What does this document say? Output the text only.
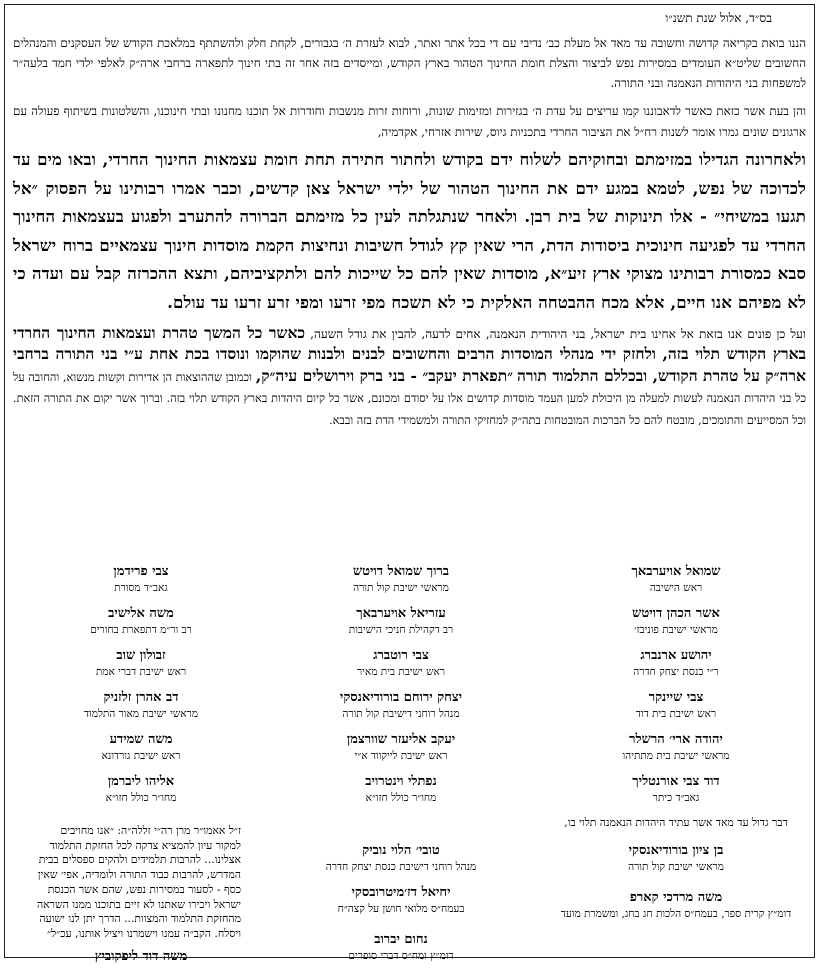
בס״ד, אלול שנת תשנ״ו

הננו בואת בקריאה קדושה וחשובה עד מאד אל מעלת כב׳ נדיבי עם די בכל אתר ואתר, לבוא לעזרת ה׳ בגבורים, לקחת חלק ולהשתתף במלאכת הקודש של העסקנים והמנהלים החשובים שליט״א העומדים במסירות נפש לביצור והצלת חומת החינוך הטהור בארץ הקודש, ומייסדים בזה אחר זה בתי חינוך לתפארה ברחבי ארה״ק לאלפי ילדי חמד בלעה״ר למשפחות בני היהודות הנאמנה ובני התורה.

והן בעת אשר כזאת כאשר לדאבוננו קמו עריצים על עדת ה׳ בגזירות ומזימות שונות, ורוחות זרות מנשבות וחודרות אל תוכנו מחנונו ובתי חינוכנו, והשלטונות בשיתוף פעולה עם ארגונים שונים גמרו אומר לשנות רח״ל את הציבור החרדי בתכניות גיוס, שירות אזרחי, אקדמיה,

ולאחרונה הגדילו במזימתם ובחוקיהם לשלוח ידם בקודש ולחתור חתירה תחת חומת עצמאות החינוך החרדי, ובאו מים עד לכדוכה של נפש, לטמא במגע ידם את החינוך הטהור של ילדי ישראל צאן קדשים, וכבר אמרו רבותינו על הפסוק ״אל תגעו במשיחי״ - אלו תינוקות של בית רבן. ולאחר שנתגלתה לעין כל מזימתם הברורה להתערב ולפגוע בעצמאות החינוך החרדי עד לפגיעה חינוכית ביסודות הדת, הרי שאין קץ לגודל חשיבות ונחיצות הקמת מוסדות חינוך עצמאיים ברוח ישראל סבא כמסורת רבותינו מצוקי ארץ זיע״א, מוסדות שאין להם כל שייכות להם ולתקציביהם, ותצא ההכרזה קבל עם ועדה כי לא מפיהם אנו חיים, אלא מכח ההבטחה האלקית כי לא תשכח מפי זרעו ומפי זרע זרעו עד עולם.

ועל כן פונים אנו בזאת אל אחינו בית ישראל, בני היהודית הנאמנה, אחים לדעה, להבין את גודל השעה, כאשר כל המשך טהרת ועצמאות החינוך החרדי בארץ הקודש תלוי בזה, ולחזק ידי מנהלי המוסדות הרבים והחשובים לבנים ולבנות שהוקמו ונוסדו בכת אחת ע״י בני התורה ברחבי ארה״ק על טהרת הקודש, ובכללם התלמוד תורה ״תפארת יעקב״ - בני ברק וירושלים עיה״ק, וכמובן שההוצאות הן אדירות וקשות מנשוא, והחובה על כל בני היהדות הנאמנה לעשות למעלה מן היכולת למען העמד מוסדות קדושים אלו על יסודם ומכונם, אשר כל קיום היהדות בארץ הקודש תלוי בזה. וברוך אשר יקום את התורה הזאת. וכל המסייעים והתומכים, מובטח להם כל הברכות המובטחות בתה״ק למחזיקי התורה ולמשמידי הדת בזה ובבא.

שמואל אויערבאך
ראש הישיבה
אשר הכהן דויטש
מראשי ישיבת פוניבז׳
יהושע ארנברג
ר״י כנסת יצחק חדרה
צבי שיינקר
ראש ישיבת בית דוד
יהודה ארי׳ הרשלר
מראשי ישיבת בית מתתיהו
דוד צבי אורנטליך
גאב״ד כיתר
דבר גדול עד מאד אשר עתיד היהדות הנאמנה תלוי בו,
בן ציון בורודיאנסקי
מראשי ישיבת קול תורה
משה מרדכי קארפ
דומ״ץ קרית ספר, בעמח״ס הלכות חג בחג, ומשמרת מועד
ברוך שמואל דויטש
מראשי ישיבת קול תורה
עזריאל אויערבאך
רב דקהילת חניכי הישיבות
צבי רוטברג
ראש ישיבת בית מאיר
יצחק ירוחם בורודיאנסקי
מנהל רוחני דישיבת קול תורה
יעקב אליעזר שוורצמן
ראש ישיבת לייקווד א״י
נפתלי וינטרויב
מחו״ר כולל חזו״א
טובי׳ הלוי נוביק
מנהל רוחני דישיבת כנסת יצחק חדרה
יחיאל דז׳מיטרובסקי
בעמח״ס מלואי חושן על קצה״ח
נחום יברוב
דומ״ץ ומח״ס דברי סופרים
צבי פרידמן
גאב״ד מסורת
משה אלישיב
רב ור״מ דתפארת בחורים
זבולון שוב
ראש ישיבת דברי אמת
דב אהרן זלזניק
מראשי ישיבת מאור התלמוד
משה שמידע
ראש ישיבת גורדונא
אליהו ליברמן
מחו״ר כולל חזו״א
ז״ל אאמו״ר מרן רה״י זללה״ה: ״אנו מחויבים למקור עיון להמציא צדקה לכל החזקת התלמוד אצלינו... להרבות תלמידים ולהקים ספסלים בבית המדרש, להרבות כבוד התורה ולומדיה, אפי׳ שאין כסף - לסעור במסירות נפש, שהם אשר הכנסת ישראל ויכירו שאתנו לא זיים בתוכנו ממנו השראה מהחזקת התלמוד והמצוות... הדרך יתן לנו ישועה ויסלח. הקב״ה עמנו וישמרנו ויציל אותנו, עכ״ל״
משה דוד ליפקוביץ
